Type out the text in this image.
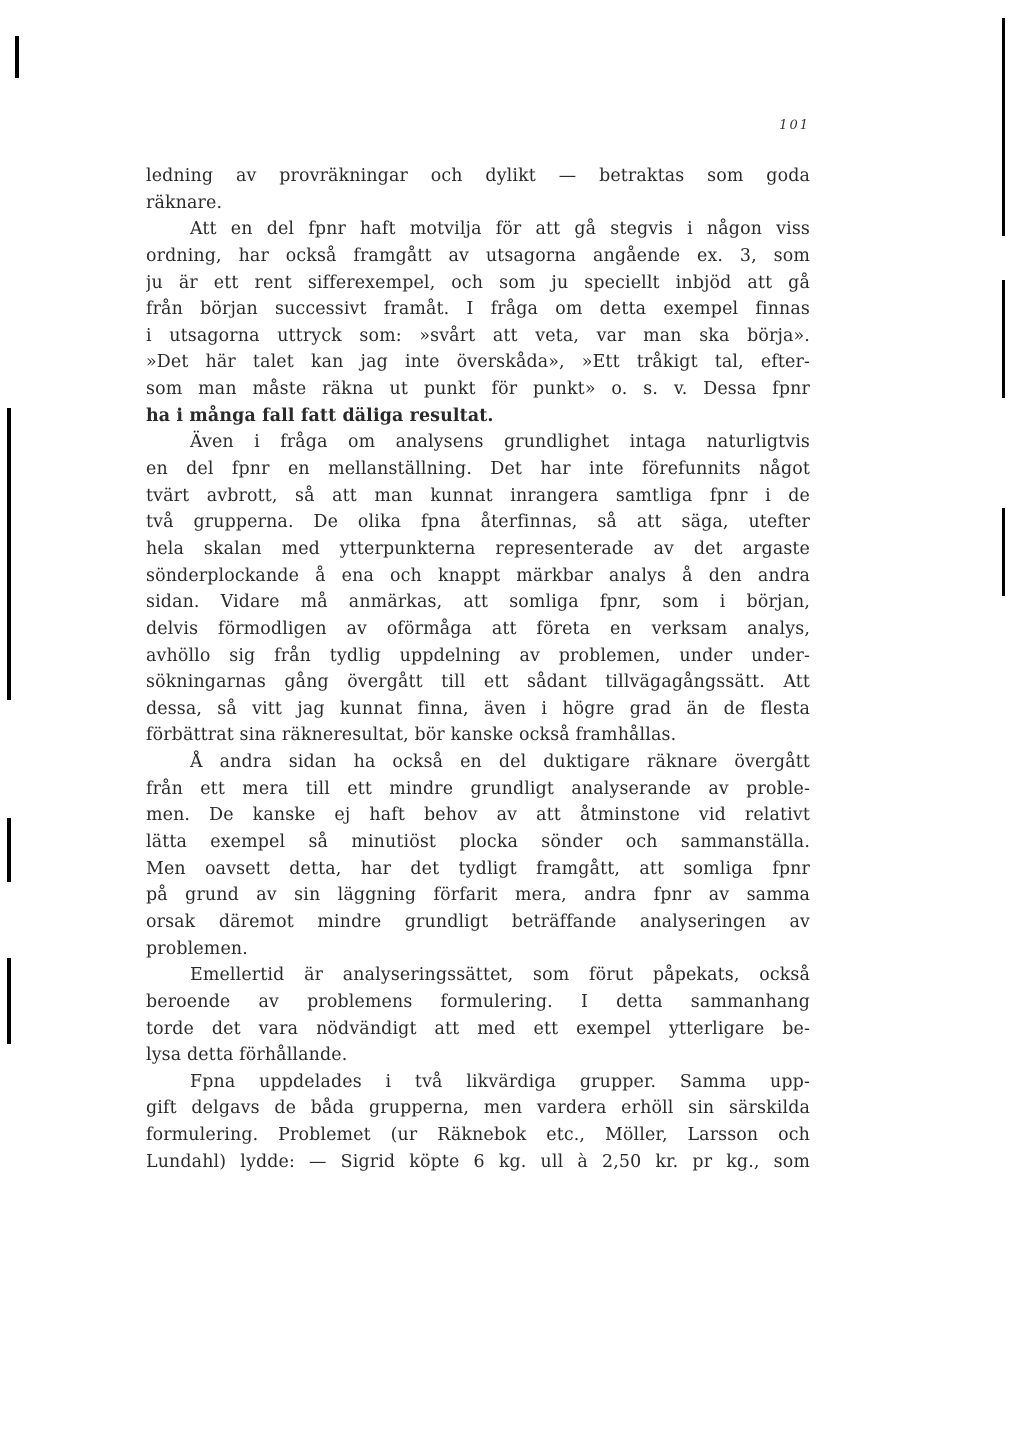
101
ledning av provräkningar och dylikt — betraktas som goda
räknare.
Att en del fpnr haft motvilja för att gå stegvis i någon viss
ordning, har också framgått av utsagorna angående ex. 3, som
ju är ett rent sifferexempel, och som ju speciellt inbjöd att gå
från början successivt framåt. I fråga om detta exempel finnas
i utsagorna uttryck som: »svårt att veta, var man ska börja».
»Det här talet kan jag inte överskåda», »Ett tråkigt tal, efter-
som man måste räkna ut punkt för punkt» o. s. v. Dessa fpnr
ha i många fall fatt däliga resultat.
Även i fråga om analysens grundlighet intaga naturligtvis
en del fpnr en mellanställning. Det har inte förefunnits något
tvärt avbrott, så att man kunnat inrangera samtliga fpnr i de
två grupperna. De olika fpna återfinnas, så att säga, utefter
hela skalan med ytterpunkterna representerade av det argaste
sönderplockande å ena och knappt märkbar analys å den andra
sidan. Vidare må anmärkas, att somliga fpnr, som i början,
delvis förmodligen av oförmåga att företa en verksam analys,
avhöllo sig från tydlig uppdelning av problemen, under under-
sökningarnas gång övergått till ett sådant tillvägagångssätt. Att
dessa, så vitt jag kunnat finna, även i högre grad än de flesta
förbättrat sina räkneresultat, bör kanske också framhållas.
Å andra sidan ha också en del duktigare räknare övergått
från ett mera till ett mindre grundligt analyserande av proble-
men. De kanske ej haft behov av att åtminstone vid relativt
lätta exempel så minutiöst plocka sönder och sammanställa.
Men oavsett detta, har det tydligt framgått, att somliga fpnr
på grund av sin läggning förfarit mera, andra fpnr av samma
orsak däremot mindre grundligt beträffande analyseringen av
problemen.
Emellertid är analyseringssättet, som förut påpekats, också
beroende av problemens formulering. I detta sammanhang
torde det vara nödvändigt att med ett exempel ytterligare be-
lysa detta förhållande.
Fpna uppdelades i två likvärdiga grupper. Samma upp-
gift delgavs de båda grupperna, men vardera erhöll sin särskilda
formulering. Problemet (ur Räknebok etc., Möller, Larsson och
Lundahl) lydde: — Sigrid köpte 6 kg. ull à 2,50 kr. pr kg., som
